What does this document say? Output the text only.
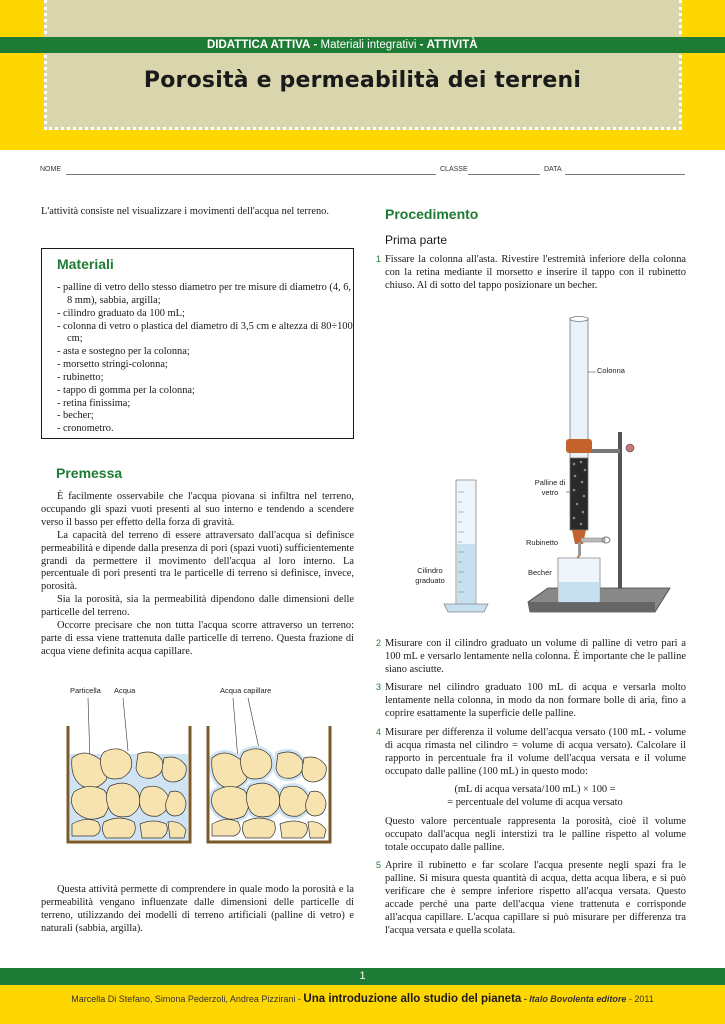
DIDATTICA ATTIVA - Materiali integrativi - ATTIVITÀ
Porosità e permeabilità dei terreni
NOME	CLASSE	DATA

L'attività consiste nel visualizzare i movimenti dell'acqua nel terreno.

Materiali
- palline di vetro dello stesso diametro per tre misure di diametro (4, 6, 8 mm), sabbia, argilla;
- cilindro graduato da 100 mL;
- colonna di vetro o plastica del diametro di 3,5 cm e altezza di 80÷100 cm;
- asta e sostegno per la colonna;
- morsetto stringi-colonna;
- rubinetto;
- tappo di gomma per la colonna;
- retina finissima;
- becher;
- cronometro.
Premessa

È facilmente osservabile che l'acqua piovana si infiltra nel terreno, occupando gli spazi vuoti presenti al suo interno e tendendo a scendere verso il basso per effetto della forza di gravità.

La capacità del terreno di essere attraversato dall'acqua si definisce permeabilità e dipende dalla presenza di pori (spazi vuoti) sufficientemente grandi da permettere il movimento dell'acqua al loro interno. La percentuale di pori presenti tra le particelle di terreno si definisce, invece, porosità.

Sia la porosità, sia la permeabilità dipendono dalle dimensioni delle particelle del terreno.

Occorre precisare che non tutta l'acqua scorre attraverso un terreno: parte di essa viene trattenuta dalle particelle di terreno. Questa frazione di acqua viene definita acqua capillare.

Particella Acqua	Acqua capillare

Questa attività permette di comprendere in quale modo la porosità e la permeabilità vengano influenzate dalle dimensioni delle particelle di terreno, utilizzando dei modelli di terreno artificiali (palline di vetro) e naturali (sabbia, argilla).

Procedimento
Prima parte
1 Fissare la colonna all'asta. Rivestire l'estremità inferiore della colonna con la retina mediante il morsetto e inserire il tappo con il rubinetto chiuso. Al di sotto del tappo posizionare un becher.

Colonna
Palline di vetro
Rubinetto
Becher
Cilindro graduato
2 Misurare con il cilindro graduato un volume di palline di vetro pari a 100 mL e versarlo lentamente nella colonna. È importante che le palline siano asciutte.

3 Misurare nel cilindro graduato 100 mL di acqua e versarla molto lentamente nella colonna, in modo da non formare bolle di aria, fino a coprire esattamente la superficie delle palline.

4 Misurare per differenza il volume dell'acqua versato (100 mL - volume di acqua rimasta nel cilindro = volume di acqua versato). Calcolare il rapporto in percentuale fra il volume dell'acqua versata e il volume occupato dalle palline (100 mL) in questo modo:

(mL di acqua versata/100 mL) × 100 =
= percentuale del volume di acqua versato

Questo valore percentuale rappresenta la porosità, cioè il volume occupato dall'acqua negli interstizi tra le palline rispetto al volume totale occupato dalle palline.

5 Aprire il rubinetto e far scolare l'acqua presente negli spazi fra le palline. Si misura questa quantità di acqua, detta acqua libera, e si può verificare che è sempre inferiore rispetto all'acqua versata. Questo accade perché una parte dell'acqua viene trattenuta e corrisponde all'acqua capillare. L'acqua capillare si può misurare per differenza tra l'acqua versata e quella scolata.

1
Marcella Di Stefano, Simona Pederzoli, Andrea Pizzirani - Una introduzione allo studio del pianeta - Italo Bovolenta editore - 2011
